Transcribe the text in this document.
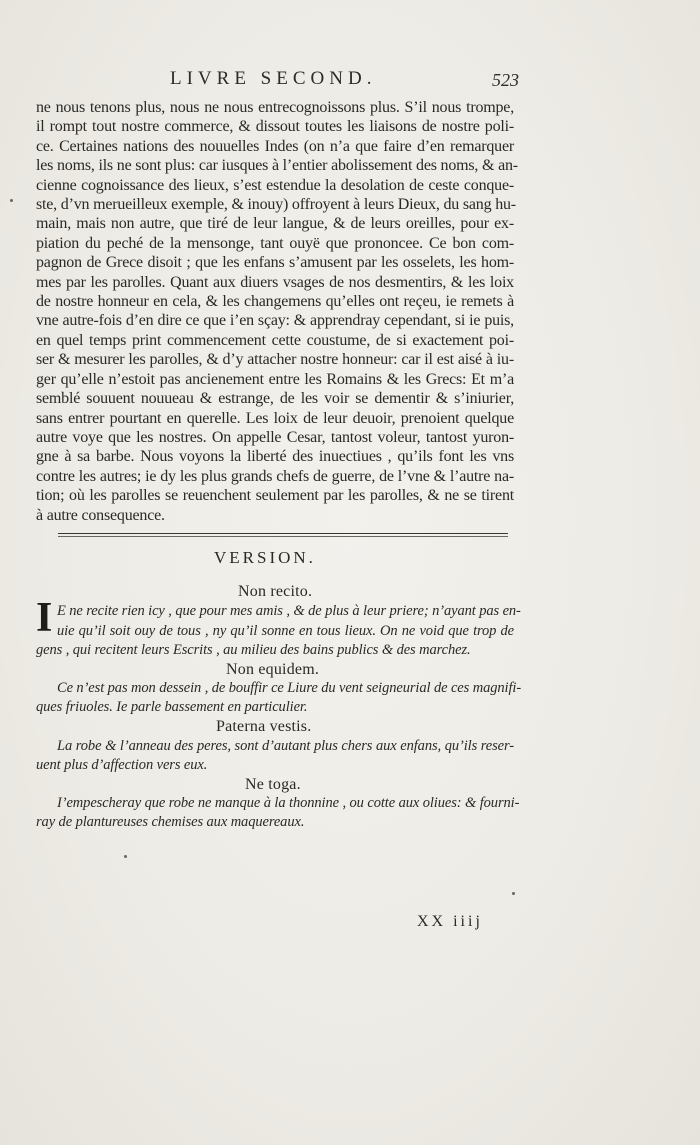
LIVRE SECOND.	523
ne nous tenons plus, nous ne nous entrecognoissons plus. S’il nous trompe,
il rompt tout nostre commerce, & dissout toutes les liaisons de nostre poli-
ce. Certaines nations des nouuelles Indes (on n’a que faire d’en remarquer
les noms, ils ne sont plus: car iusques à l’entier abolissement des noms, & an-
cienne cognoissance des lieux, s’est estendue la desolation de ceste conque-
ste, d’vn merueilleux exemple, & inouy) offroyent à leurs Dieux, du sang hu-
main, mais non autre, que tiré de leur langue, & de leurs oreilles, pour ex-
piation du peché de la mensonge, tant ouyë que prononcee. Ce bon com-
pagnon de Grece disoit ; que les enfans s’amusent par les osselets, les hom-
mes par les parolles. Quant aux diuers vsages de nos desmentirs, & les loix
de nostre honneur en cela, & les changemens qu’elles ont reçeu, ie remets à
vne autre-fois d’en dire ce que i’en sçay: & apprendray cependant, si ie puis,
en quel temps print commencement cette coustume, de si exactement poi-
ser & mesurer les parolles, & d’y attacher nostre honneur: car il est aisé à iu-
ger qu’elle n’estoit pas ancienement entre les Romains & les Grecs: Et m’a
semblé souuent nouueau & estrange, de les voir se dementir & s’iniurier,
sans entrer pourtant en querelle. Les loix de leur deuoir, prenoient quelque
autre voye que les nostres. On appelle Cesar, tantost voleur, tantost yuron-
gne à sa barbe. Nous voyons la liberté des inuectiues , qu’ils font les vns
contre les autres; ie dy les plus grands chefs de guerre, de l’vne & l’autre na-
tion; où les parolles se reuenchent seulement par les parolles, & ne se tirent
à autre consequence.
VERSION.
Non recito.
I E ne recite rien icy , que pour mes amis , & de plus à leur priere; n’ayant pas en-
uie qu’il soit ouy de tous , ny qu’il sonne en tous lieux. On ne void que trop de
gens , qui recitent leurs Escrits , au milieu des bains publics & des marchez.
Non equidem.
Ce n’est pas mon dessein , de bouffir ce Liure du vent seigneurial de ces magnifi-
ques friuoles. Ie parle bassement en particulier.
Paterna vestis.
La robe & l’anneau des peres, sont d’autant plus chers aux enfans, qu’ils reser-
uent plus d’affection vers eux.
Ne toga.
I’empescheray que robe ne manque à la thonnine , ou cotte aux oliues: & fourni-
ray de plantureuses chemises aux maquereaux.
XX iiij
